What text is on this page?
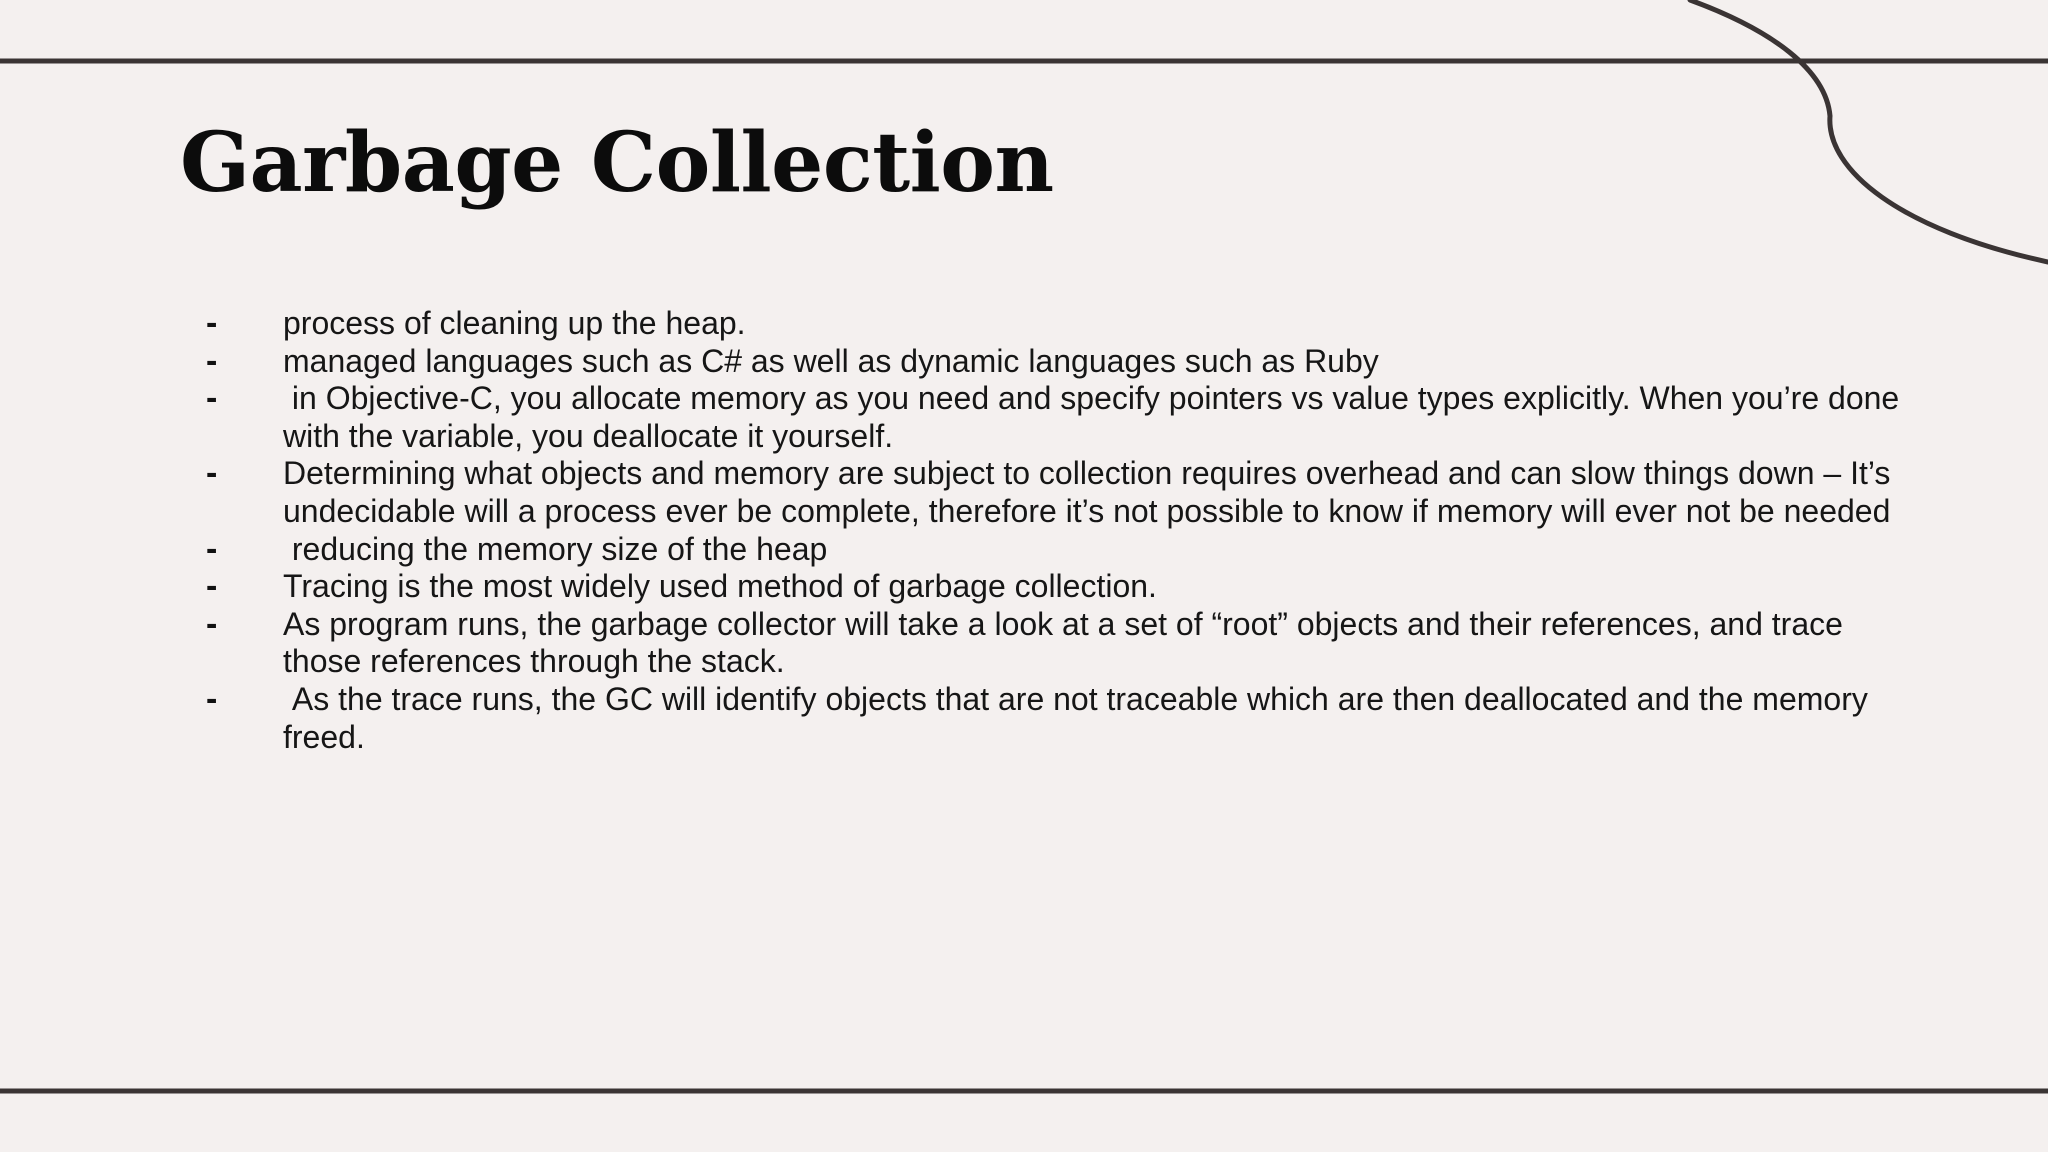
Garbage Collection
-	process of cleaning up the heap.
-	managed languages such as C# as well as dynamic languages such as Ruby
-	in Objective-C, you allocate memory as you need and specify pointers vs value types explicitly. When you’re done with the variable, you deallocate it yourself.
-	Determining what objects and memory are subject to collection requires overhead and can slow things down – It’s undecidable will a process ever be complete, therefore it’s not possible to know if memory will ever not be needed
-	reducing the memory size of the heap
-	Tracing is the most widely used method of garbage collection.
-	As program runs, the garbage collector will take a look at a set of “root” objects and their references, and trace those references through the stack.
-	As the trace runs, the GC will identify objects that are not traceable which are then deallocated and the memory freed.
